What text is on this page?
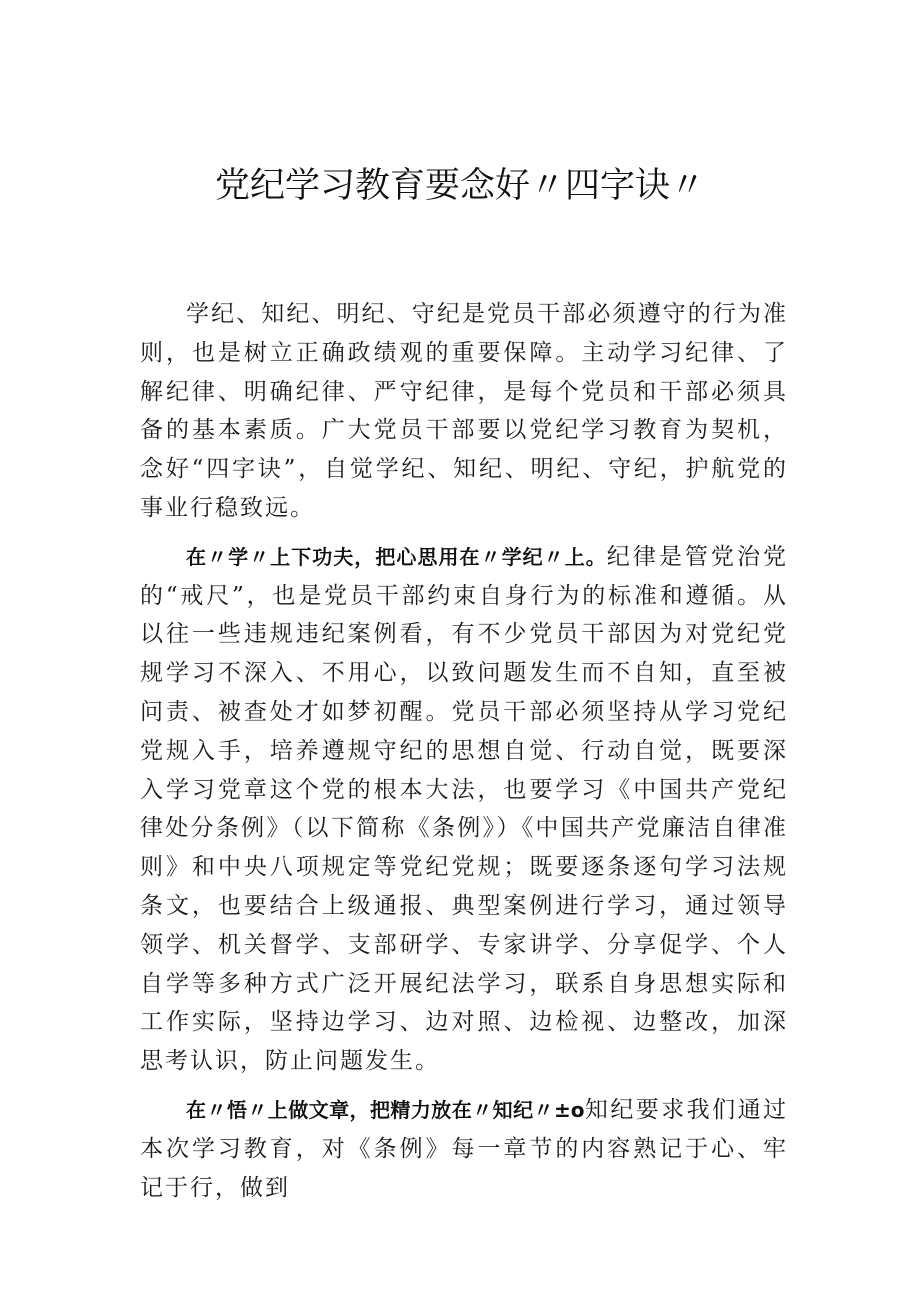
党纪学习教育要念好〃四字诀〃

学纪、知纪、明纪、守纪是党员干部必须遵守的行为准则，也是树立正确政绩观的重要保障。主动学习纪律、了解纪律、明确纪律、严守纪律，是每个党员和干部必须具备的基本素质。广大党员干部要以党纪学习教育为契机，念好“四字诀”，自觉学纪、知纪、明纪、守纪，护航党的事业行稳致远。

在〃学〃上下功夫，把心思用在〃学纪〃上。纪律是管党治党的“戒尺”，也是党员干部约束自身行为的标准和遵循。从以往一些违规违纪案例看，有不少党员干部因为对党纪党规学习不深入、不用心，以致问题发生而不自知，直至被问责、被查处才如梦初醒。党员干部必须坚持从学习党纪党规入手，培养遵规守纪的思想自觉、行动自觉，既要深入学习党章这个党的根本大法，也要学习《中国共产党纪律处分条例》（以下简称《条例》）《中国共产党廉洁自律准则》和中央八项规定等党纪党规；既要逐条逐句学习法规条文，也要结合上级通报、典型案例进行学习，通过领导领学、机关督学、支部研学、专家讲学、分享促学、个人自学等多种方式广泛开展纪法学习，联系自身思想实际和工作实际，坚持边学习、边对照、边检视、边整改，加深思考认识，防止问题发生。

在〃悟〃上做文章，把精力放在〃知纪〃±o知纪要求我们通过本次学习教育，对《条例》每一章节的内容熟记于心、牢记于行，做到
